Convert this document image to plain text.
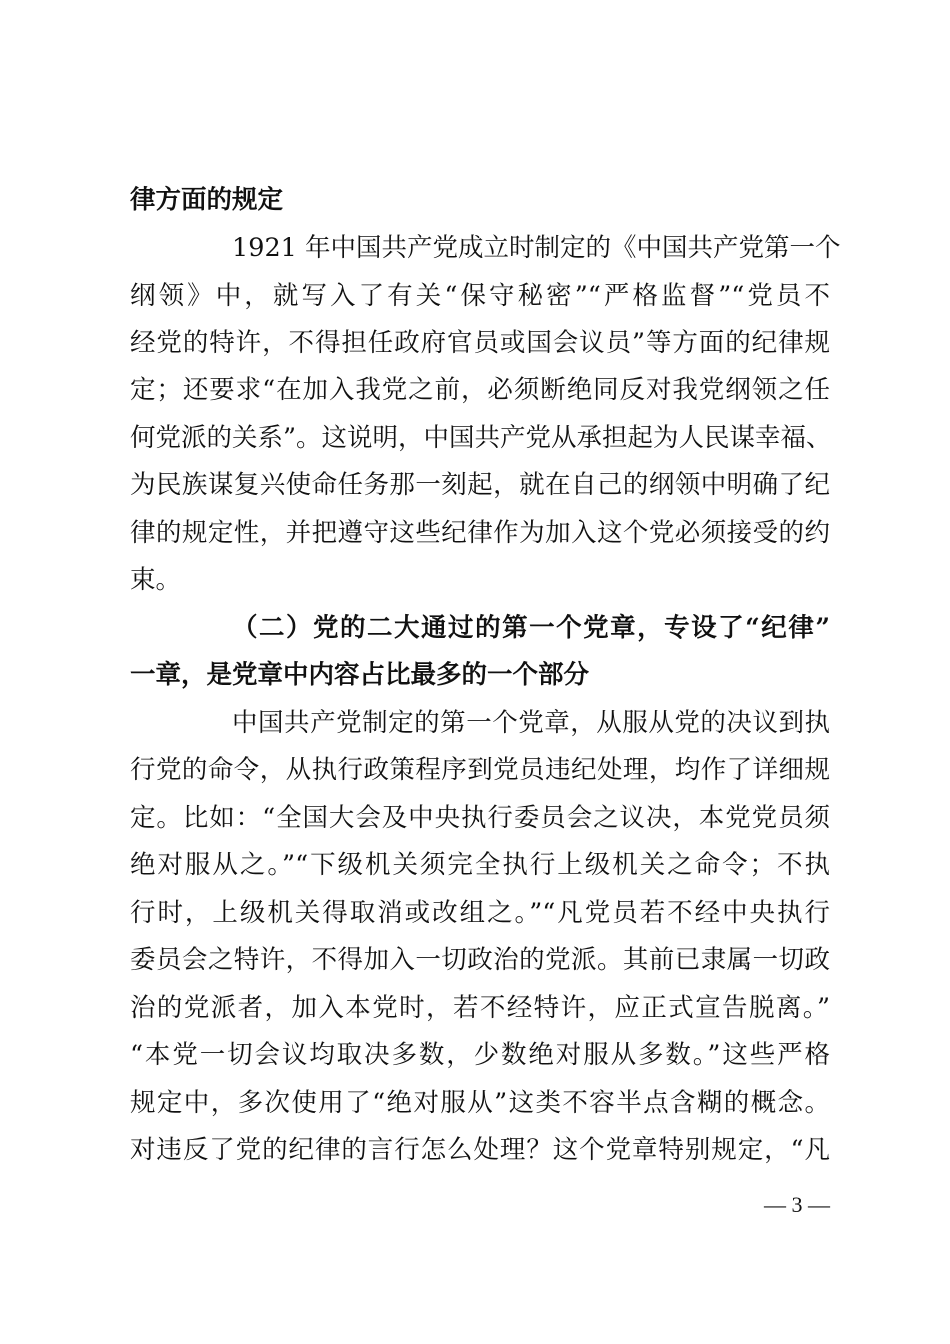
律方面的规定
1921 年中国共产党成立时制定的《中国共产党第一个
纲领》中，就写入了有关“保守秘密”“严格监督”“党员不
经党的特许，不得担任政府官员或国会议员”等方面的纪律规
定；还要求“在加入我党之前，必须断绝同反对我党纲领之任
何党派的关系”。这说明，中国共产党从承担起为人民谋幸福、
为民族谋复兴使命任务那一刻起，就在自己的纲领中明确了纪
律的规定性，并把遵守这些纪律作为加入这个党必须接受的约
束。
（二）党的二大通过的第一个党章，专设了“纪律”
一章，是党章中内容占比最多的一个部分
中国共产党制定的第一个党章，从服从党的决议到执
行党的命令，从执行政策程序到党员违纪处理，均作了详细规
定。比如：“全国大会及中央执行委员会之议决，本党党员须
绝对服从之。”“下级机关须完全执行上级机关之命令；不执
行时，上级机关得取消或改组之。”“凡党员若不经中央执行
委员会之特许，不得加入一切政治的党派。其前已隶属一切政
治的党派者，加入本党时，若不经特许，应正式宣告脱离。”
“本党一切会议均取决多数，少数绝对服从多数。”这些严格
规定中，多次使用了“绝对服从”这类不容半点含糊的概念。
对违反了党的纪律的言行怎么处理？这个党章特别规定，“凡
— 3 —
